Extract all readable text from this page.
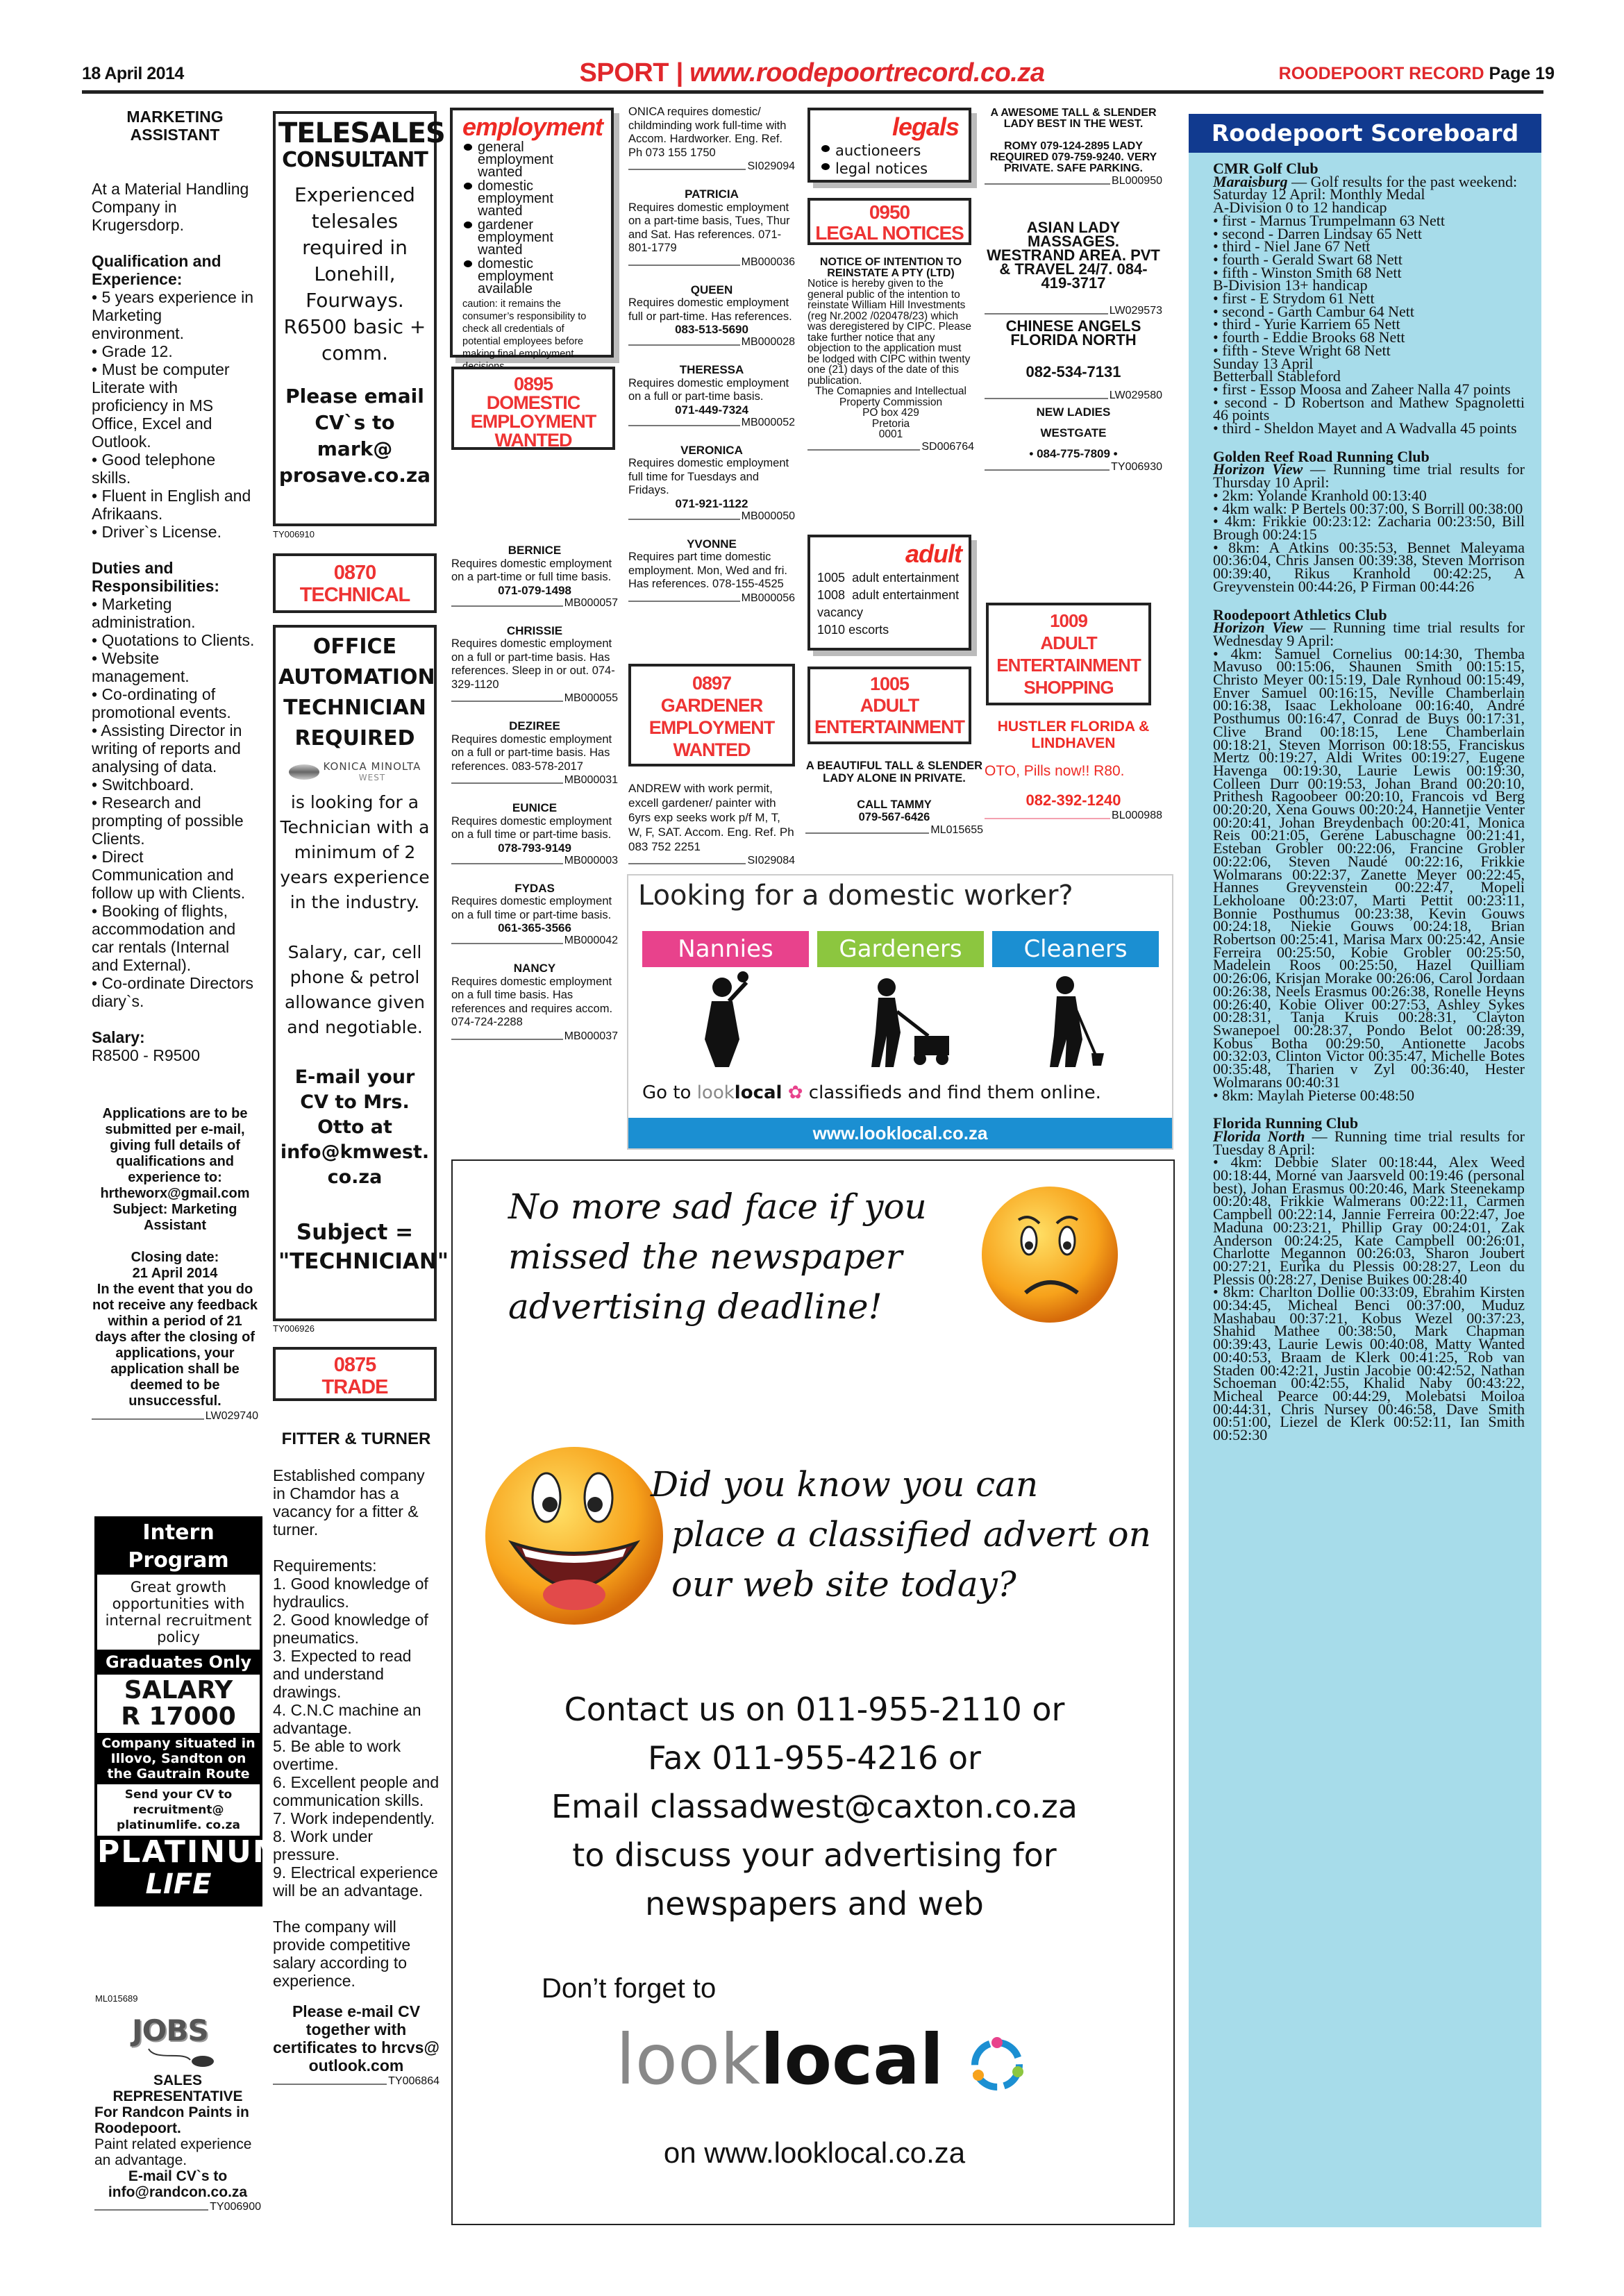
18 April 2014	SPORT | www.roodepoortrecord.co.za	ROODEPOORT RECORD Page 19
MARKETING
ASSISTANT

At a Material Handling Company in Krugersdorp.

Qualification and Experience:
• 5 years experience in Marketing environment.
• Grade 12.
• Must be computer Literate with proficiency in MS Office, Excel and Outlook.
• Good telephone skills.
• Fluent in English and Afrikaans.
• Driver`s License.
Duties and Responsibilities:
• Marketing administration.
• Quotations to Clients.
• Website management.
• Co-ordinating of promotional events.
• Assisting Director in writing of reports and analysing of data.
• Switchboard.
• Research and prompting of possible Clients.
• Direct Communication and follow up with Clients.
• Booking of flights, accommodation and car rentals (Internal and External).
• Co-ordinate Directors diary`s.
Salary:
R8500 - R9500
Applications are to be submitted per e-mail, giving full details of qualifications and experience to:
hrtheworx@gmail.com
Subject: Marketing Assistant
Closing date:
21 April 2014
In the event that you do not receive any feedback within a period of 21 days after the closing of applications, your application shall be deemed to be unsuccessful.
LW029740
Intern Program
Great growth opportunities with internal recruitment policy
Graduates Only
SALARY
R 17000
Company situated in Illovo, Sandton on the Gautrain Route
Send your CV to recruitment@ platinumlife. co.za
PLATINUM
LIFE
ML015689
JOBS
SALES
REPRESENTATIVE
For Randcon Paints in Roodepoort.
Paint related experience an advantage.
E-mail CV`s to
info@randcon.co.za
TY006900
TELESALES
CONSULTANT
Experienced telesales required in Lonehill, Fourways. R6500 basic + comm.
Please email CV`s to mark@ prosave.co.za
TY006910
0870
TECHNICAL
OFFICE AUTOMATION TECHNICIAN REQUIRED
KONICA MINOLTA
WEST
is looking for a Technician with a minimum of 2 years experience in the industry.
Salary, car, cell phone & petrol allowance given and negotiable.
E-mail your CV to Mrs. Otto at info@kmwest. co.za
Subject =
"TECHNICIAN"
TY006926
0875
TRADE
FITTER & TURNER

Established company in Chamdor has a vacancy for a fitter & turner.

Requirements:
1. Good knowledge of hydraulics.
2. Good knowledge of pneumatics.
3. Expected to read and understand drawings.
4. C.N.C machine an advantage.
5. Be able to work overtime.
6. Excellent people and communication skills.
7. Work independently.
8. Work under pressure.
9. Electrical experience will be an advantage.

The company will provide competitive salary according to experience.

Please e-mail CV together with certificates to hrcvs@ outlook.com
TY006864
employment
general employment wanted
domestic employment wanted
gardener employment wanted
domestic employment available
caution: it remains the consumer’s responsibility to check all credentials of potential employees before making final employment decisions
0895
DOMESTIC
EMPLOYMENT
WANTED
BERNICE
Requires domestic employment on a part-time or full time basis.
071-079-1498
MB000057
CHRISSIE
Requires domestic employment on a full or part-time basis. Has references. Sleep in or out. 074-329-1120
MB000055
DEZIREE
Requires domestic employment on a full or part-time basis. Has references. 083-578-2017
MB000031
EUNICE
Requires domestic employment on a full time or part-time basis.
078-793-9149
MB000003
FYDAS
Requires domestic employment on a full time or part-time basis.
061-365-3566
MB000042
NANCY
Requires domestic employment on a full time basis. Has references and requires accom. 074-724-2288
MB000037
ONICA requires domestic/ childminding work full-time with Accom. Hardworker. Eng. Ref. Ph 073 155 1750
SI029094
PATRICIA
Requires domestic employment on a part-time basis, Tues, Thur and Sat. Has references. 071-801-1779
MB000036
QUEEN
Requires domestic employment full or part-time. Has references.
083-513-5690
MB000028
THERESSA
Requires domestic employment on a full or part-time basis.
071-449-7324
MB000052
VERONICA
Requires domestic employment full time for Tuesdays and Fridays.
071-921-1122
MB000050
YVONNE
Requires part time domestic employment. Mon, Wed and fri. Has references. 078-155-4525
MB000056
0897
GARDENER
EMPLOYMENT
WANTED
ANDREW with work permit, excell gardener/ painter with 6yrs exp seeks work p/f M, T, W, F, SAT. Accom. Eng. Ref. Ph 083 752 2251
SI029084
legals
auctioneers
legal notices
0950
LEGAL NOTICES
NOTICE OF INTENTION TO REINSTATE A PTY (LTD)
Notice is hereby given to the general public of the intention to reinstate William Hill Investments (reg Nr.2002 /020478/23) which was deregistered by CIPC. Please take further notice that any objection to the application must be lodged with CIPC within twenty one (21) days of the date of this publication.
The Comapnies and Intellectual
Property Commission
PO box 429
Pretoria
0001
SD006764
adult
1005 adult entertainment
1008 adult entertainment vacancy
1010 escorts
1005
ADULT
ENTERTAINMENT
A BEAUTIFUL TALL & SLENDER LADY ALONE IN PRIVATE.
CALL TAMMY
079-567-6426
ML015655
A AWESOME TALL & SLENDER LADY BEST IN THE WEST.
ROMY 079-124-2895 LADY REQUIRED 079-759-9240. VERY PRIVATE. SAFE PARKING.
BL000950
ASIAN LADY MASSAGES. WESTRAND AREA. PVT & TRAVEL 24/7. 084-419-3717
LW029573
CHINESE ANGELS FLORIDA NORTH
082-534-7131
LW029580
NEW LADIES
WESTGATE
• 084-775-7809 •
TY006930
1009
ADULT
ENTERTAINMENT
SHOPPING
HUSTLER FLORIDA & LINDHAVEN
OTO, Pills now!! R80.
082-392-1240
BL000988
Looking for a domestic worker?
Nannies	Gardeners	Cleaners
Go to looklocal ✿ classifieds and find them online.
www.looklocal.co.za
No more sad face if you
missed the newspaper
advertising deadline!
Did you know you can
place a classified advert on
our web site today?
Contact us on 011-955-2110 or
Fax 011-955-4216 or
Email classadwest@caxton.co.za
to discuss your advertising for
newspapers and web
Don’t forget to
looklocal
on www.looklocal.co.za
Roodepoort Scoreboard
CMR Golf Club
Maraisburg — Golf results for the past weekend:
Saturday 12 April: Monthly Medal
A-Division 0 to 12 handicap
• first - Marnus Trumpelmann 63 Nett
• second - Darren Lindsay 65 Nett
• third - Niel Jane 67 Nett
• fourth - Gerald Swart 68 Nett
• fifth - Winston Smith 68 Nett
B-Division 13+ handicap
• first - E Strydom 61 Nett
• second - Garth Cambur 64 Nett
• third - Yurie Karriem 65 Nett
• fourth - Eddie Brooks 68 Nett
• fifth - Steve Wright 68 Nett
Sunday 13 April
Betterball Stableford
• first - Essop Moosa and Zaheer Nalla 47 points
• second - D Robertson and Mathew Spagnoletti 46 points
• third - Sheldon Mayet and A Wadvalla 45 points
Golden Reef Road Running Club
Horizon View — Running time trial results for Thursday 10 April:
• 2km: Yolande Kranhold 00:13:40
• 4km walk: P Bertels 00:37:00, S Borrill 00:38:00
• 4km: Frikkie 00:23:12: Zacharia 00:23:50, Bill Brough 00:24:15
• 8km: A Atkins 00:35:53, Bennet Maleyama 00:36:04, Chris Jansen 00:39:38, Steven Morrison 00:39:40, Rikus Kranhold 00:42:25, A Greyvenstein 00:44:26, P Firman 00:44:26
Roodepoort Athletics Club
Horizon View — Running time trial results for Wednesday 9 April:
• 4km: Samuel Cornelius 00:14:30, Themba Mavuso 00:15:06, Shaunen Smith 00:15:15, Christo Meyer 00:15:19, Dale Rynhoud 00:15:49, Enver Samuel 00:16:15, Neville Chamberlain 00:16:38, Isaac Lekholoane 00:16:40, André Posthumus 00:16:47, Conrad de Buys 00:17:31, Clive Brand 00:18:15, Lene Chamberlain 00:18:21, Steven Morrison 00:18:55, Franciskus Mertz 00:19:27, Aldi Writes 00:19:27, Eugene Havenga 00:19:30, Laurie Lewis 00:19:30, Colleen Durr 00:19:53, Johan Brand 00:20:10, Prithesh Ragoobeer 00:20:10, Francois vd Berg 00:20:20, Xena Gouws 00:20:24, Hannetjie Venter 00:20:41, Johan Breydenbach 00:20:41, Monica Reis 00:21:05, Gerene Labuschagne 00:21:41, Esteban Grobler 00:22:06, Francine Grobler 00:22:06, Steven Naudé 00:22:16, Frikkie Wolmarans 00:22:37, Zanette Meyer 00:22:45, Hannes Greyvenstein 00:22:47, Mopeli Lekholoane 00:23:07, Marti Pettit 00:23:11, Bonnie Posthumus 00:23:38, Kevin Gouws 00:24:18, Niekie Gouws 00:24:18, Brian Robertson 00:25:41, Marisa Marx 00:25:42, Ansie Ferreira 00:25:50, Kobie Grobler 00:25:50, Madelein Roos 00:25:50, Hazel Quilliam 00:26:06, Krisjan Morake 00:26:06, Carol Jordaan 00:26:38, Neels Erasmus 00:26:38, Ronelle Heyns 00:26:40, Kobie Oliver 00:27:53, Ashley Sykes 00:28:31, Tanja Kruis 00:28:31, Clayton Swanepoel 00:28:37, Pondo Belot 00:28:39, Kobus Botha 00:29:50, Antionette Jacobs 00:32:03, Clinton Victor 00:35:47, Michelle Botes 00:35:48, Tharien v Zyl 00:36:40, Hester Wolmarans 00:40:31
• 8km: Maylah Pieterse 00:48:50
Florida Running Club
Florida North — Running time trial results for Tuesday 8 April:
• 4km: Debbie Slater 00:18:44, Alex Weed 00:18:44, Morné van Jaarsveld 00:19:46 (personal best), Johan Erasmus 00:20:46, Mark Steenekamp 00:20:48, Frikkie Walmerans 00:22:11, Carmen Campbell 00:22:14, Jannie Ferreira 00:22:47, Joe Maduna 00:23:21, Phillip Gray 00:24:01, Zak Anderson 00:24:25, Kate Campbell 00:26:01, Charlotte Megannon 00:26:03, Sharon Joubert 00:27:21, Eurika du Plessis 00:28:27, Leon du Plessis 00:28:27, Denise Buikes 00:28:40
• 8km: Charlton Dollie 00:33:09, Ebrahim Kirsten 00:34:45, Micheal Benci 00:37:00, Muduz Mashabau 00:37:21, Kobus Wezel 00:37:23, Shahid Mathee 00:38:50, Mark Chapman 00:39:43, Laurie Lewis 00:40:08, Matty Wanted 00:40:53, Braam de Klerk 00:41:25, Rob van Staden 00:42:21, Justin Jacobie 00:42:52, Nathan Schoeman 00:42:55, Khalid Naby 00:43:22, Micheal Pearce 00:44:29, Molebatsi Moiloa 00:44:31, Chris Nursey 00:46:58, Dave Smith 00:51:00, Liezel de Klerk 00:52:11, Ian Smith 00:52:30
